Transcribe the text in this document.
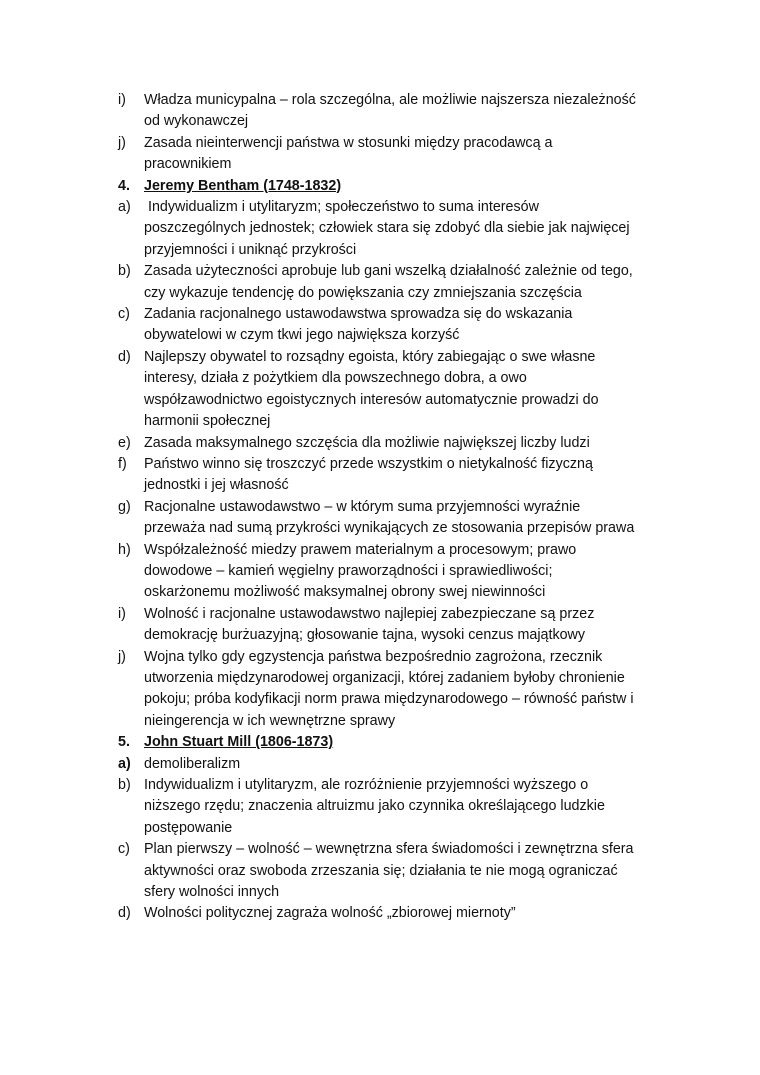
i)	Władza municypalna – rola szczególna, ale możliwie najszersza niezależność od wykonawczej
j)	Zasada nieinterwencji państwa w stosunki między pracodawcą a pracownikiem
4. Jeremy Bentham (1748-1832)
a) Indywidualizm i utylitaryzm; społeczeństwo to suma interesów poszczególnych jednostek; człowiek stara się zdobyć dla siebie jak najwięcej przyjemności i uniknąć przykrości
b) Zasada użyteczności aprobuje lub gani wszelką działalność zależnie od tego, czy wykazuje tendencję do powiększania czy zmniejszania szczęścia
c) Zadania racjonalnego ustawodawstwa sprowadza się do wskazania obywatelowi w czym tkwi jego największa korzyść
d) Najlepszy obywatel to rozsądny egoista, który zabiegając o swe własne interesy, działa z pożytkiem dla powszechnego dobra, a owo współzawodnictwo egoistycznych interesów automatycznie prowadzi do harmonii społecznej
e) Zasada maksymalnego szczęścia dla możliwie największej liczby ludzi
f)	Państwo winno się troszczyć przede wszystkim o nietykalność fizyczną jednostki i jej własność
g) Racjonalne ustawodawstwo – w którym suma przyjemności wyraźnie przeważa nad sumą przykrości wynikających ze stosowania przepisów prawa
h) Współzależność miedzy prawem materialnym a procesowym; prawo dowodowe – kamień węgielny praworządności i sprawiedliwości; oskarżonemu możliwość maksymalnej obrony swej niewinności
i)	Wolność i racjonalne ustawodawstwo najlepiej zabezpieczane są przez demokrację burżuazyjną; głosowanie tajna, wysoki cenzus majątkowy
j)	Wojna tylko gdy egzystencja państwa bezpośrednio zagrożona, rzecznik utworzenia międzynarodowej organizacji, której zadaniem byłoby chronienie pokoju; próba kodyfikacji norm prawa międzynarodowego – równość państw i nieingerencja w ich wewnętrzne sprawy
5. John Stuart Mill (1806-1873)
a) demoliberalizm
b) Indywidualizm i utylitaryzm, ale rozróżnienie przyjemności wyższego o niższego rzędu; znaczenia altruizmu jako czynnika określającego ludzkie postępowanie
c) Plan pierwszy – wolność – wewnętrzna sfera świadomości i zewnętrzna sfera aktywności oraz swoboda zrzeszania się; działania te nie mogą ograniczać sfery wolności innych
d) Wolności politycznej zagraża wolność „zbiorowej miernoty”
